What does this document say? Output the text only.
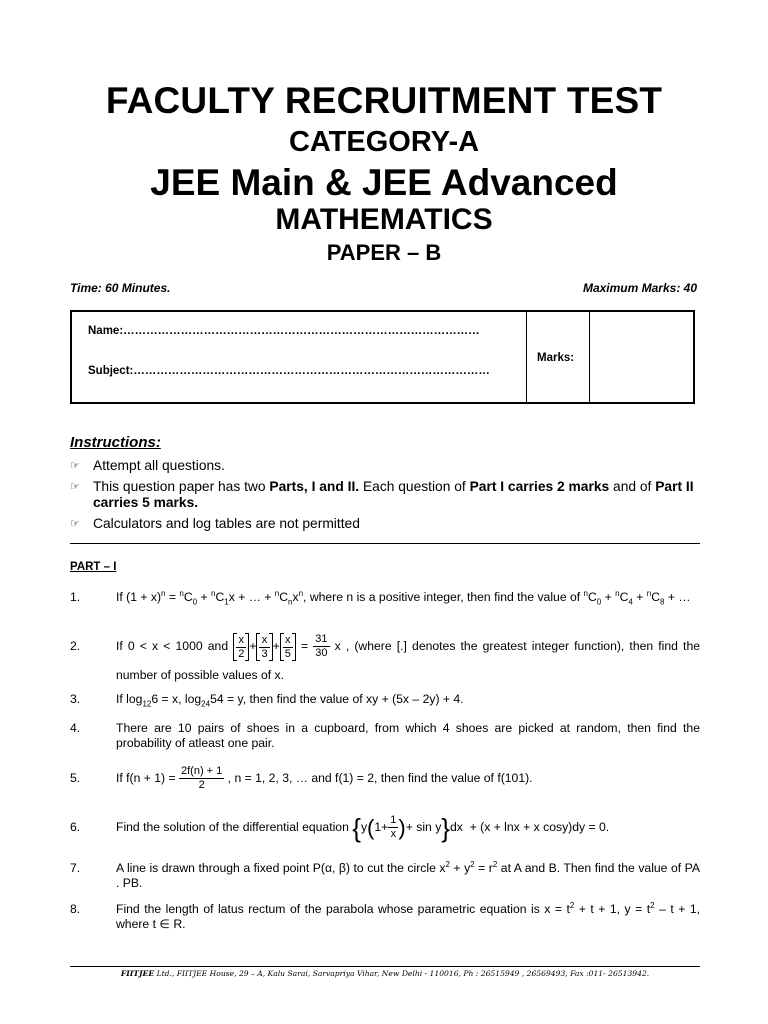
FACULTY RECRUITMENT TEST
CATEGORY-A
JEE Main & JEE Advanced
MATHEMATICS
PAPER – B
Time: 60 Minutes.	Maximum Marks: 40
Name:…………………………………………………………………………………
Subject:…………………………………………………………………………………
Marks:
Instructions:
☞ Attempt all questions.
☞ This question paper has two Parts, I and II. Each question of Part I carries 2 marks and of Part II carries 5 marks.
☞ Calculators and log tables are not permitted
PART – I
1.	If $(1 + x)^n = ^nC_0 + ^nC_1x$ + … + $^nC_nx^n$, where n is a positive integer, then find the value of $^nC_0 + ^nC_4 + ^nC_8$ + …
2.	If 0 < x < 1000 and $\frac{x}{2} + \frac{x}{3} + \frac{x}{5} = \frac{31}{30}$ x , (where [.] denotes the greatest integer function), then find the number of possible values of x.
3.	If $\log_{12}6 = x$, $\log_{24}54 = y$, then find the value of xy + (5x – 2y) + 4.
4.	There are 10 pairs of shoes in a cupboard, from which 4 shoes are picked at random, then find the probability of atleast one pair.
5.	If $f(n + 1) = \frac{2f(n) + 1}{2}$ , n = 1, 2, 3, … and f(1) = 2, then find the value of f(101).
6.	Find the solution of the differential equation {$y(1+ \frac{1}{x}$ )+ sin y}dx  + (x + lnx + x cosy)dy = 0.
7.	A line is drawn through a fixed point P(α, β) to cut the circle $x^2 + y^2 = r^2$ at A and B. Then find the value of PA . PB.
8.	Find the length of latus rectum of the parabola whose parametric equation is $x = t^2 + t + 1$, $y = t^2 - t + 1$, where t ∈ R.
FIITJEE Ltd., FIITJEE House, 29 – A, Kalu Sarai, Sarvapriya Vihar, New Delhi - 110016, Ph : 26515949 , 26569493, Fax :011- 26513942.
